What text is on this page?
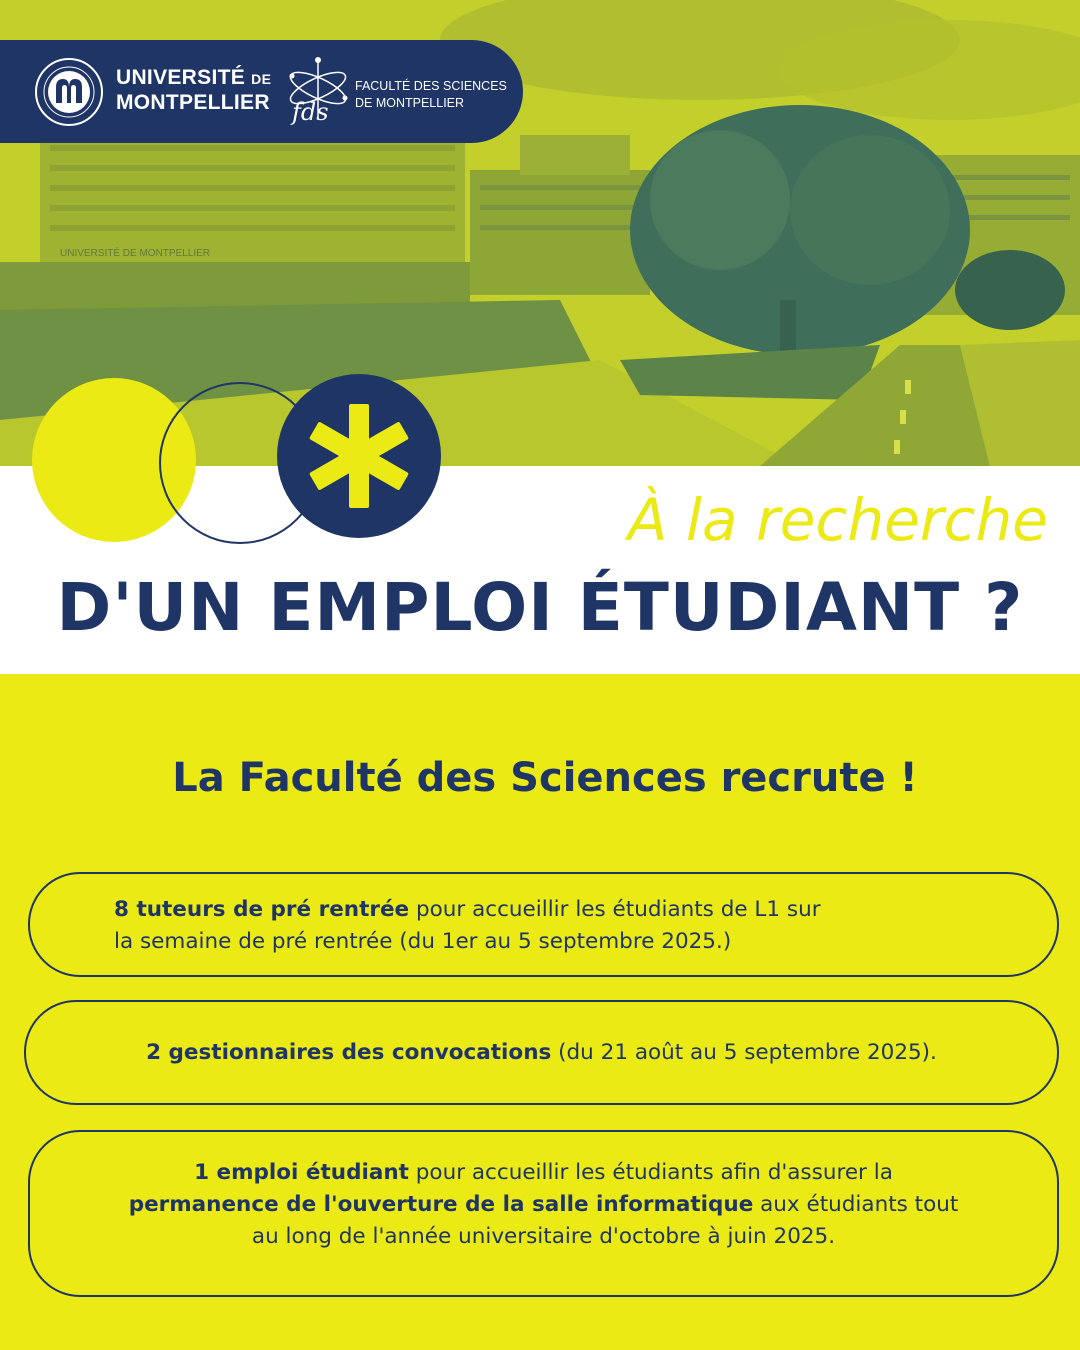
UNIVERSITÉ DE MONTPELLIER
UNIVERSITÉ DE
MONTPELLIER fds
FACULTÉ DES SCIENCES
DE MONTPELLIER
À la recherche
D'UN EMPLOI ÉTUDIANT ?
La Faculté des Sciences recrute !
8 tuteurs de pré rentrée pour accueillir les étudiants de L1 sur
la semaine de pré rentrée (du 1er au 5 septembre 2025.)
2 gestionnaires des convocations (du 21 août au 5 septembre 2025).
1 emploi étudiant pour accueillir les étudiants afin d'assurer la
permanence de l'ouverture de la salle informatique aux étudiants tout
au long de l'année universitaire d'octobre à juin 2025.
